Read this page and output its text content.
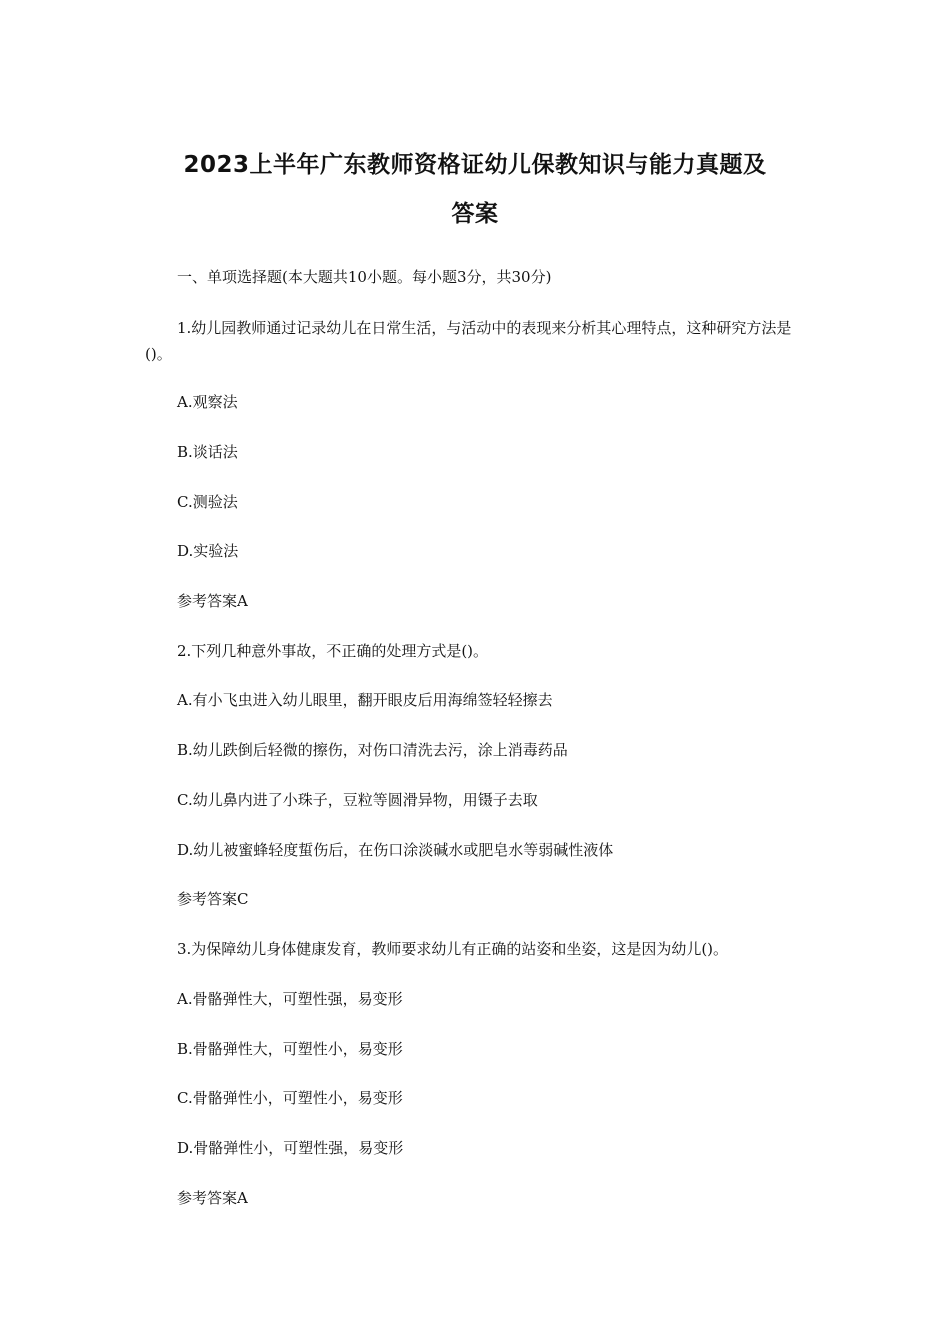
2023上半年广东教师资格证幼儿保教知识与能力真题及
答案
一、单项选择题(本大题共10小题。每小题3分，共30分)
1.幼儿园教师通过记录幼儿在日常生活，与活动中的表现来分析其心理特点，这种研究方法是()。
A.观察法
B.谈话法
C.测验法
D.实验法
参考答案A
2.下列几种意外事故，不正确的处理方式是()。
A.有小飞虫进入幼儿眼里，翻开眼皮后用海绵签轻轻擦去
B.幼儿跌倒后轻微的擦伤，对伤口清洗去污，涂上消毒药品
C.幼儿鼻内进了小珠子，豆粒等圆滑异物，用镊子去取
D.幼儿被蜜蜂轻度蜇伤后，在伤口涂淡碱水或肥皂水等弱碱性液体
参考答案C
3.为保障幼儿身体健康发育，教师要求幼儿有正确的站姿和坐姿，这是因为幼儿()。
A.骨骼弹性大，可塑性强，易变形
B.骨骼弹性大，可塑性小，易变形
C.骨骼弹性小，可塑性小，易变形
D.骨骼弹性小，可塑性强，易变形
参考答案A
